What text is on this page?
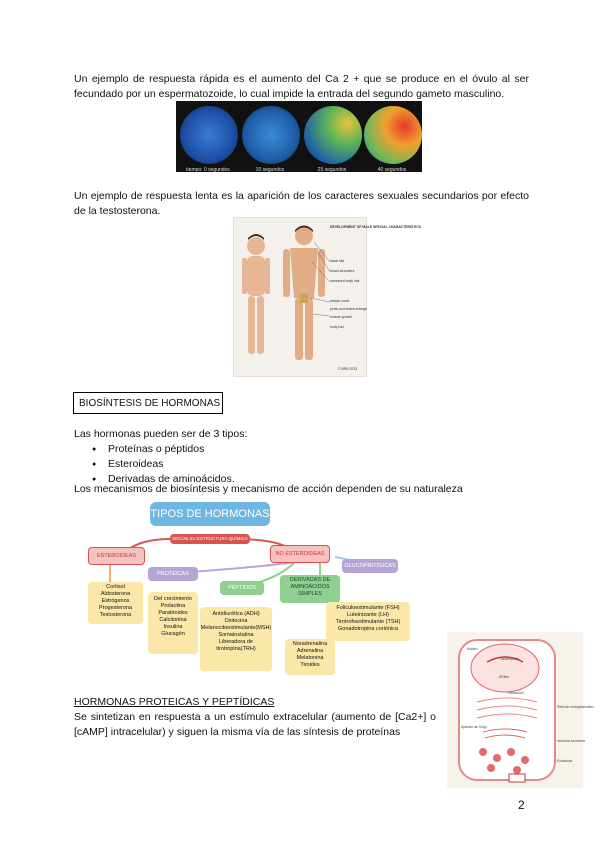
Un ejemplo de respuesta rápida es el aumento del Ca 2 + que se produce en el óvulo al ser fecundado por un espermatozoide, lo cual impide la entrada del segundo gameto masculino.
tiempo: 0 segundos	10 segundos	25 segundos	40 segundos
Un ejemplo de respuesta lenta es la aparición de los caracteres sexuales secundarios por efecto de la testosterona.
DEVELOPMENT OF MALE SPECIAL CHARACTERISTICS
facial hair
broad shoulders
increased body hair
deeper voice
penis and testes enlarge
muscle growth
body hair
© BRN 2023
BIOSÍNTESIS DE HORMONAS
Las hormonas pueden ser de 3 tipos:
● Proteínas o péptidos
● Esteroideas
● Derivadas de aminoácidos.
Los mecanismos de biosíntesis y mecanismo de acción dependen de su naturaleza
TIPOS DE HORMONAS
SEGÚN SU ESTRUCTURA QUÍMICA
ESTEROIDEAS
Cortisol
Aldosterona
Estrógenos
Progesterona
Testosterona
PROTEICAS
Del crecimiento
Prolactina
Paratiroides
Calcitonina
Insulina
Glucagón
NO ESTEROIDEAS
PÉPTIDOS
Antidiurética (ADH)
Oxitocina
Melanocitoestimulante(MSH)
Somatostatina
Liberadora de
tirotropina(TRH)
DERIVADAS DE AMINOÁCIDOS SIMPLES
Noradrenalina
Adrenalina
Melatonina
Tiroides
GLUCOPROTEICAS
Foliculoestimulante (FSH)
Luteinizante (LH)
Tirotrofoestimulante (TSH)
Gonadotropina coriónica
Núcleo
Transcripción
ARNm
Traducción
Aparato de Golgi
Vesícula secretora
Exocitosis
Retículo endoplasmático
HORMONAS PROTEICAS Y PEPTÍDICAS
Se sintetizan en respuesta a un estímulo extracelular (aumento de [Ca2+] o [cAMP] intracelular) y siguen la misma vía de las síntesis de proteínas
2
